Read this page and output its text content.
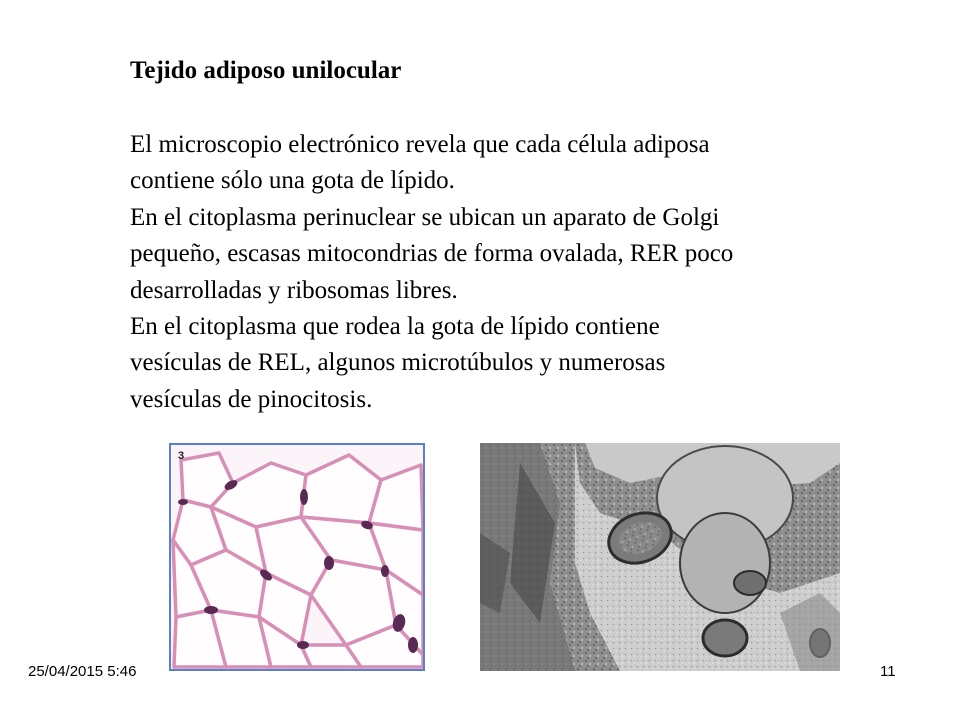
Tejido adiposo unilocular
El microscopio electrónico revela que cada célula adiposa
contiene sólo una gota de lípido.
En el citoplasma perinuclear se ubican un aparato de Golgi
pequeño, escasas mitocondrias de forma ovalada, RER poco
desarrolladas y ribosomas libres.
En el citoplasma que rodea la gota de lípido contiene
vesículas de REL, algunos microtúbulos y numerosas
vesículas de pinocitosis.
3
25/04/2015 5:46	11
